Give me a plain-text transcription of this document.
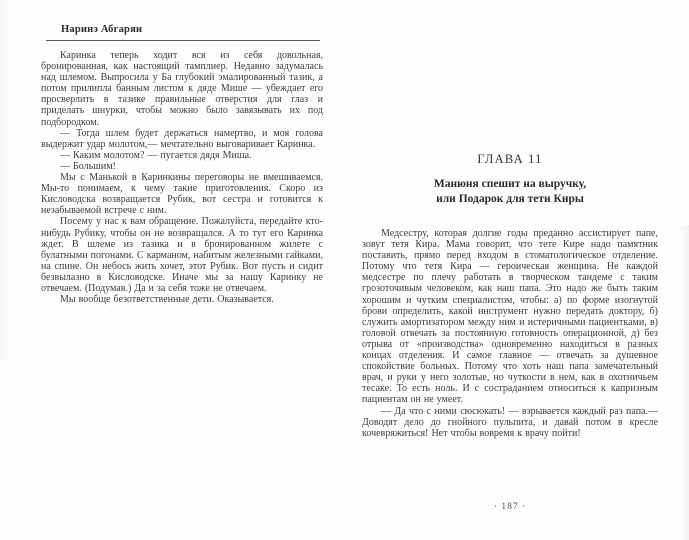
Наринэ Абгарян

Каринка теперь ходит вся из себя довольная, бронированная, как настоящий тамплиер. Недавно задумалась над шлемом. Выпросила у Ба глубокий эмалированный тазик, а потом прилипла банным листом к дяде Мише — убеждает его просверлить в тазике правильные отверстия для глаз и приделать шнурки, чтобы можно было завязывать их под подбородком.

— Тогда шлем будет держаться намертво, и моя голова выдержит удар молотом,— мечтательно выговаривает Каринка.

— Каким молотом? — пугается дядя Миша.

— Большим!

Мы с Манькой в Каринкины переговоры не вмешиваемся. Мы-то понимаем, к чему такие приготовления. Скоро из Кисловодска возвращается Рубик, вот сестра и готовится к незабываемой встрече с ним.

Посему у нас к вам обращение. Пожалуйста, передайте кто-нибудь Рубику, чтобы он не возвращался. А то тут его Каринка ждет. В шлеме из тазика и в бронированном жилете с булатными погонами. С карманом, набитым железными гайками, на спине. Он небось жить хочет, этот Рубик. Вот пусть и сидит безвылазно в Кисловодске. Иначе мы за нашу Каринку не отвечаем. (Подумав.) Да и за себя тоже не отвечаем.

Мы вообще безответственные дети. Оказывается.

ГЛАВА 11
Манюня спешит на выручку,
или Подарок для тети Киры

Медсестру, которая долгие годы преданно ассистирует папе, зовут тетя Кира. Мама говорит, что тете Кире надо памятник поставить, прямо перед входом в стоматологическое отделение. Потому что тетя Кира — героическая женщина. Не каждой медсестре по плечу работать в творческом тандеме с таким грозоточивым человеком, как наш папа. Это надо же быть таким хорошим и чутким специалистом, чтобы: а) по форме изогнутой брови определить, какой инструмент нужно передать доктору, б) служить амортизатором между ним и истеричными пациентками, в) головой отвечать за постоянную готовность операционной, д) без отрыва от «производства» одновременно находиться в разных концах отделения. И самое главное — отвечать за душевное спокойствие больных. Потому что хоть наш папа замечательный врач, и руки у него золотые, но чуткости в нем, как в охотничьем тесаке. То есть ноль. И с состраданием относиться к капризным пациентам он не умеет.

— Да что с ними сюсюкать! — взрывается каждый раз папа.— Доводят дело до гнойного пульпита, и давай потом в кресле кочевряжиться! Нет чтобы вовремя к врачу пойти!

· 187 ·
